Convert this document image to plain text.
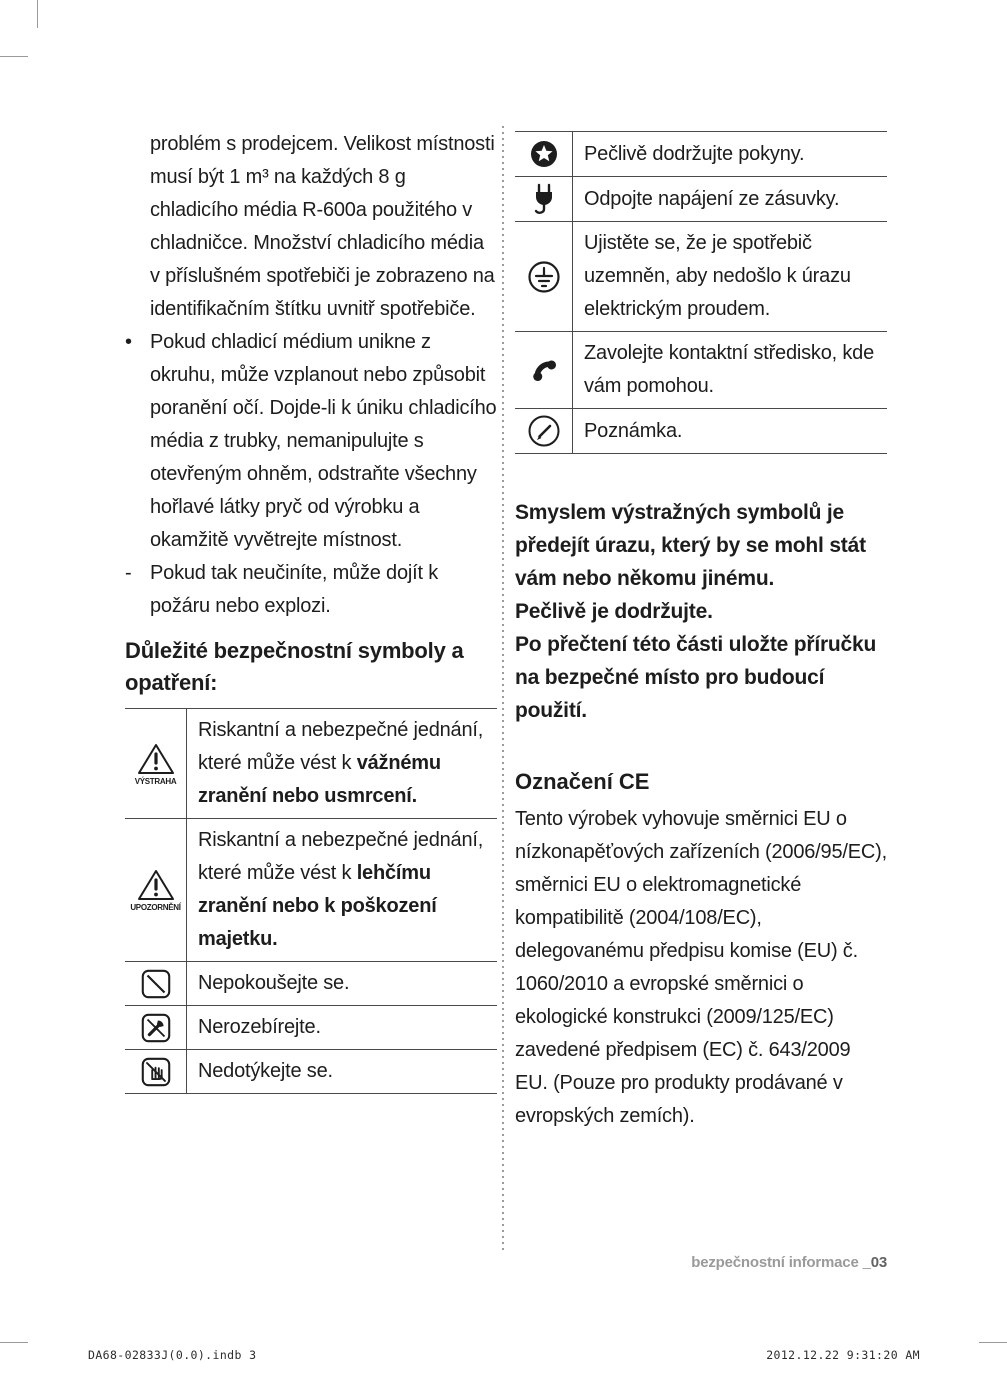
problém s prodejcem. Velikost místnosti musí být 1 m³ na každých 8 g chladicího média R-600a použitého v chladničce. Množství chladicího média v příslušném spotřebiči je zobrazeno na identifikačním štítku uvnitř spotřebiče.

• Pokud chladicí médium unikne z okruhu, může vzplanout nebo způsobit poranění očí. Dojde-li k úniku chladicího média z trubky, nemanipulujte s otevřeným ohněm, odstraňte všechny hořlavé látky pryč od výrobku a okamžitě vyvětrejte místnost.

- Pokud tak neučiníte, může dojít k požáru nebo explozi.

Důležité bezpečnostní symboly a opatření:
VÝSTRAHA
Riskantní a nebezpečné jednání, které může vést k vážnému zranění nebo usmrcení.
UPOZORNĚNÍ
Riskantní a nebezpečné jednání, které může vést k lehčímu zranění nebo k poškození majetku.
Nepokoušejte se.
Nerozebírejte.
Nedotýkejte se.
Pečlivě dodržujte pokyny.
Odpojte napájení ze zásuvky.
Ujistěte se, že je spotřebič uzemněn, aby nedošlo k úrazu elektrickým proudem.
Zavolejte kontaktní středisko, kde vám pomohou.
Poznámka.

Smyslem výstražných symbolů je předejít úrazu, který by se mohl stát vám nebo někomu jinému.

Pečlivě je dodržujte.

Po přečtení této části uložte příručku na bezpečné místo pro budoucí použití.

Označení CE

Tento výrobek vyhovuje směrnici EU o nízkonapěťových zařízeních (2006/95/EC), směrnici EU o elektromagnetické kompatibilitě (2004/108/EC), delegovanému předpisu komise (EU) č. 1060/2010 a evropské směrnici o ekologické konstrukci (2009/125/EC) zavedené předpisem (EC) č. 643/2009 EU. (Pouze pro produkty prodávané v evropských zemích).

bezpečnostní informace _03
DA68-02833J(0.0).indb 3	2012.12.22 9:31:20 AM
